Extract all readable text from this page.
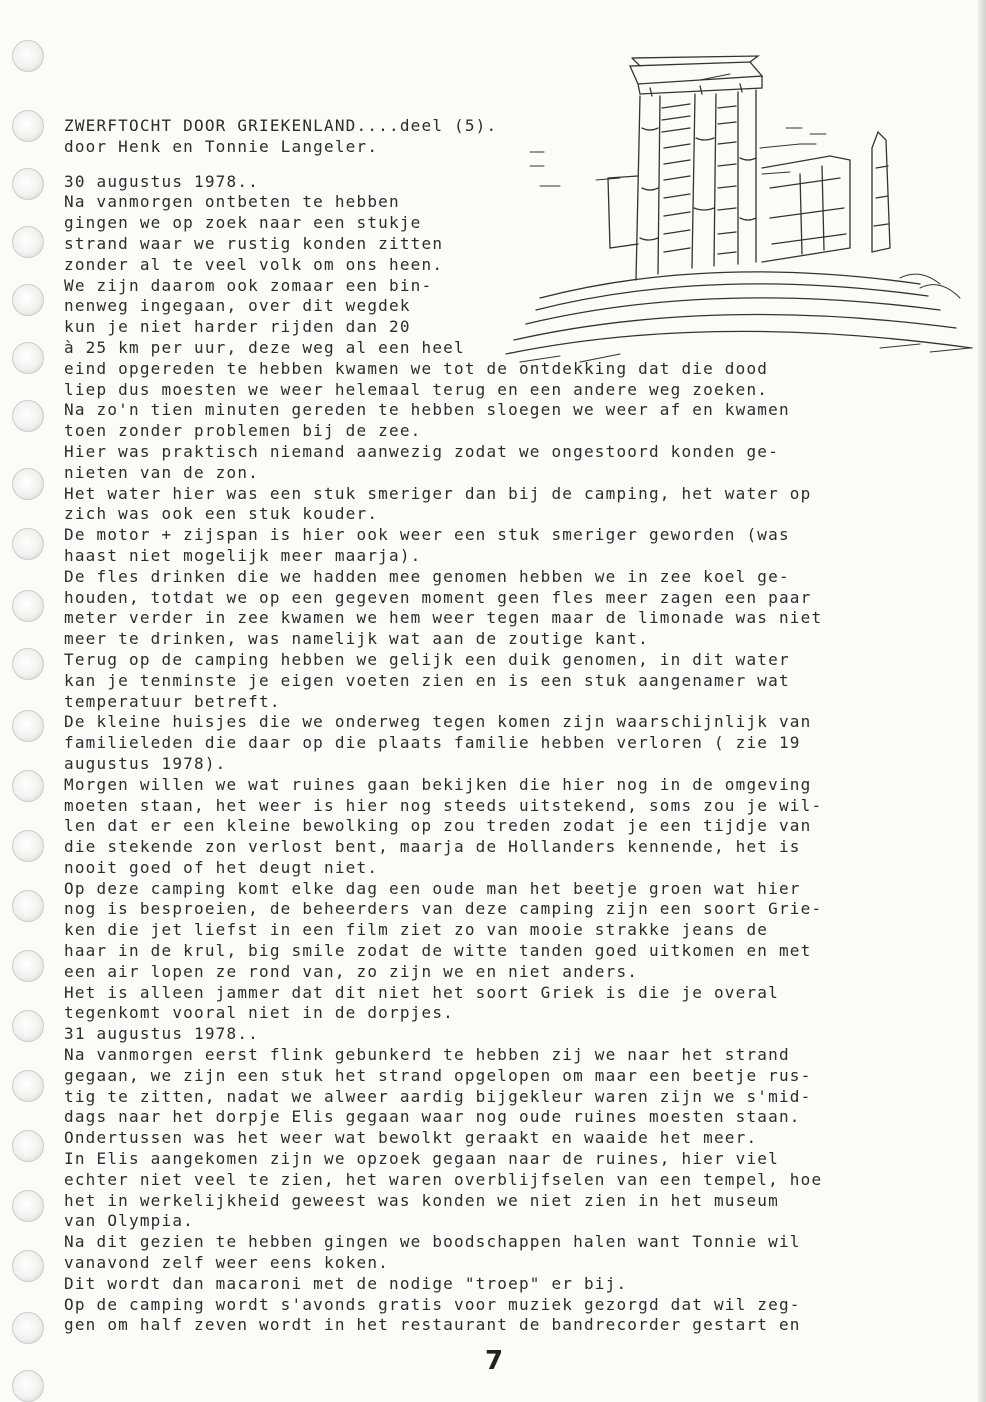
ZWERFTOCHT DOOR GRIEKENLAND....deel (5).
door Henk en Tonnie Langeler.
30 augustus 1978..
Na vanmorgen ontbeten te hebben
gingen we op zoek naar een stukje
strand waar we rustig konden zitten
zonder al te veel volk om ons heen.
We zijn daarom ook zomaar een bin-
nenweg ingegaan, over dit wegdek
kun je niet harder rijden dan 20
à 25 km per uur, deze weg al een heel
eind opgereden te hebben kwamen we tot de ontdekking dat die dood
liep dus moesten we weer helemaal terug en een andere weg zoeken.
Na zo'n tien minuten gereden te hebben sloegen we weer af en kwamen
toen zonder problemen bij de zee.
Hier was praktisch niemand aanwezig zodat we ongestoord konden ge-
nieten van de zon.
Het water hier was een stuk smeriger dan bij de camping, het water op
zich was ook een stuk kouder.
De motor + zijspan is hier ook weer een stuk smeriger geworden (was
haast niet mogelijk meer maarja).
De fles drinken die we hadden mee genomen hebben we in zee koel ge-
houden, totdat we op een gegeven moment geen fles meer zagen een paar
meter verder in zee kwamen we hem weer tegen maar de limonade was niet
meer te drinken, was namelijk wat aan de zoutige kant.
Terug op de camping hebben we gelijk een duik genomen, in dit water
kan je tenminste je eigen voeten zien en is een stuk aangenamer wat
temperatuur betreft.
De kleine huisjes die we onderweg tegen komen zijn waarschijnlijk van
familieleden die daar op die plaats familie hebben verloren ( zie 19
augustus 1978).
Morgen willen we wat ruines gaan bekijken die hier nog in de omgeving
moeten staan, het weer is hier nog steeds uitstekend, soms zou je wil-
len dat er een kleine bewolking op zou treden zodat je een tijdje van
die stekende zon verlost bent, maarja de Hollanders kennende, het is
nooit goed of het deugt niet.
Op deze camping komt elke dag een oude man het beetje groen wat hier
nog is besproeien, de beheerders van deze camping zijn een soort Grie-
ken die jet liefst in een film ziet zo van mooie strakke jeans de
haar in de krul, big smile zodat de witte tanden goed uitkomen en met
een air lopen ze rond van, zo zijn we en niet anders.
Het is alleen jammer dat dit niet het soort Griek is die je overal
tegenkomt vooral niet in de dorpjes.
31 augustus 1978..
Na vanmorgen eerst flink gebunkerd te hebben zij we naar het strand
gegaan, we zijn een stuk het strand opgelopen om maar een beetje rus-
tig te zitten, nadat we alweer aardig bijgekleur waren zijn we s'mid-
dags naar het dorpje Elis gegaan waar nog oude ruines moesten staan.
Ondertussen was het weer wat bewolkt geraakt en waaide het meer.
In Elis aangekomen zijn we opzoek gegaan naar de ruines, hier viel
echter niet veel te zien, het waren overblijfselen van een tempel, hoe
het in werkelijkheid geweest was konden we niet zien in het museum
van Olympia.
Na dit gezien te hebben gingen we boodschappen halen want Tonnie wil
vanavond zelf weer eens koken.
Dit wordt dan macaroni met de nodige "troep" er bij.
Op de camping wordt s'avonds gratis voor muziek gezorgd dat wil zeg-
gen om half zeven wordt in het restaurant de bandrecorder gestart en
7
